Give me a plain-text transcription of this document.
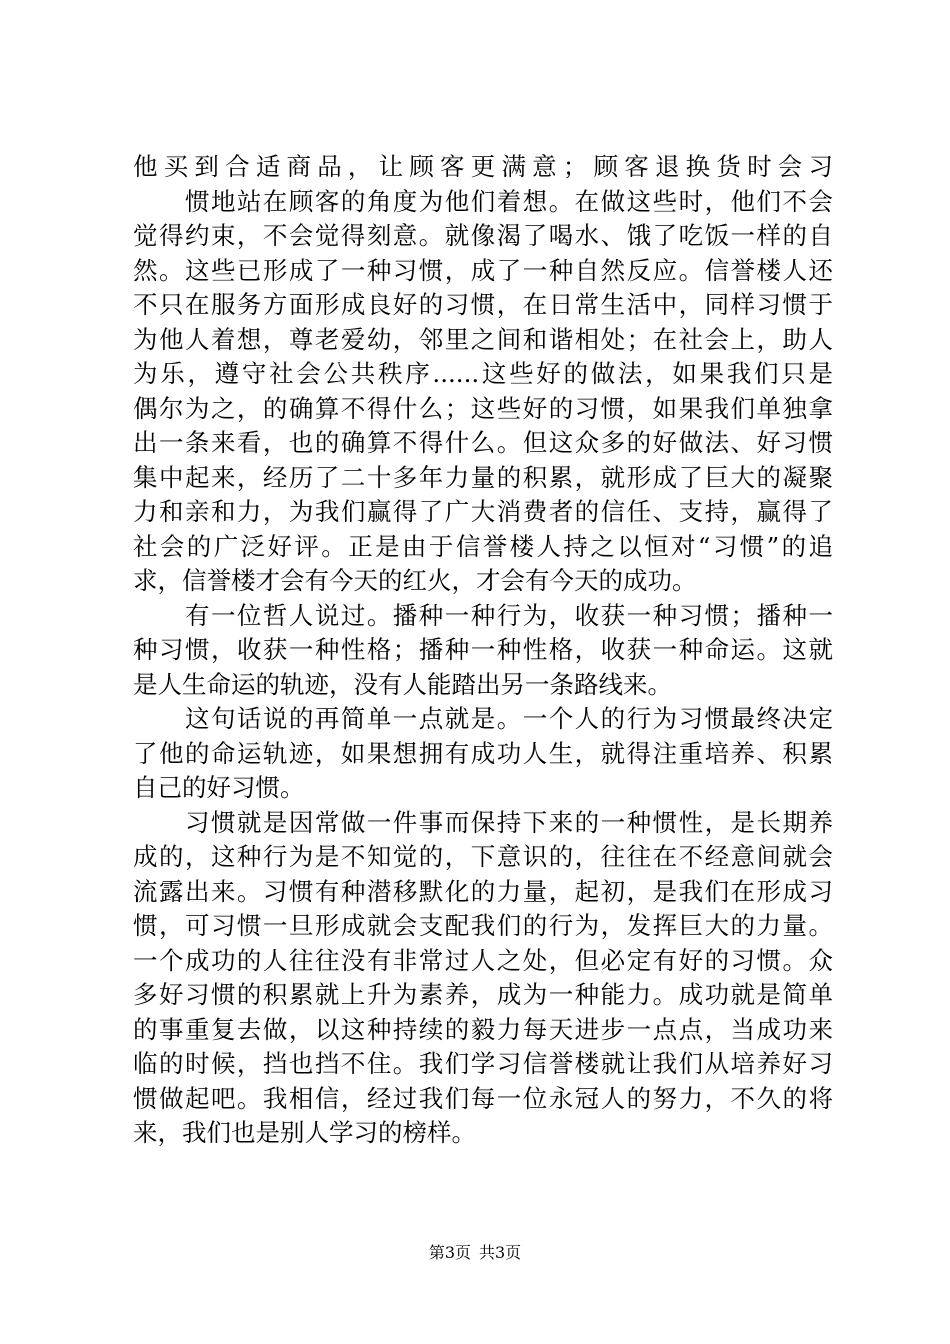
他买到合适商品，让顾客更满意；顾客退换货时会习
　　惯地站在顾客的角度为他们着想。在做这些时，他们不会
觉得约束，不会觉得刻意。就像渴了喝水、饿了吃饭一样的自
然。这些已形成了一种习惯，成了一种自然反应。信誉楼人还
不只在服务方面形成良好的习惯，在日常生活中，同样习惯于
为他人着想，尊老爱幼，邻里之间和谐相处；在社会上，助人
为乐，遵守社会公共秩序......这些好的做法，如果我们只是
偶尔为之，的确算不得什么；这些好的习惯，如果我们单独拿
出一条来看，也的确算不得什么。但这众多的好做法、好习惯
集中起来，经历了二十多年力量的积累，就形成了巨大的凝聚
力和亲和力，为我们赢得了广大消费者的信任、支持，赢得了
社会的广泛好评。正是由于信誉楼人持之以恒对“习惯”的追
求，信誉楼才会有今天的红火，才会有今天的成功。
　　有一位哲人说过。播种一种行为，收获一种习惯；播种一
种习惯，收获一种性格；播种一种性格，收获一种命运。这就
是人生命运的轨迹，没有人能踏出另一条路线来。
　　这句话说的再简单一点就是。一个人的行为习惯最终决定
了他的命运轨迹，如果想拥有成功人生，就得注重培养、积累
自己的好习惯。
　　习惯就是因常做一件事而保持下来的一种惯性，是长期养
成的，这种行为是不知觉的，下意识的，往往在不经意间就会
流露出来。习惯有种潜移默化的力量，起初，是我们在形成习
惯，可习惯一旦形成就会支配我们的行为，发挥巨大的力量。
一个成功的人往往没有非常过人之处，但必定有好的习惯。众
多好习惯的积累就上升为素养，成为一种能力。成功就是简单
的事重复去做，以这种持续的毅力每天进步一点点，当成功来
临的时候，挡也挡不住。我们学习信誉楼就让我们从培养好习
惯做起吧。我相信，经过我们每一位永冠人的努力，不久的将
来，我们也是别人学习的榜样。
第3页 共3页
